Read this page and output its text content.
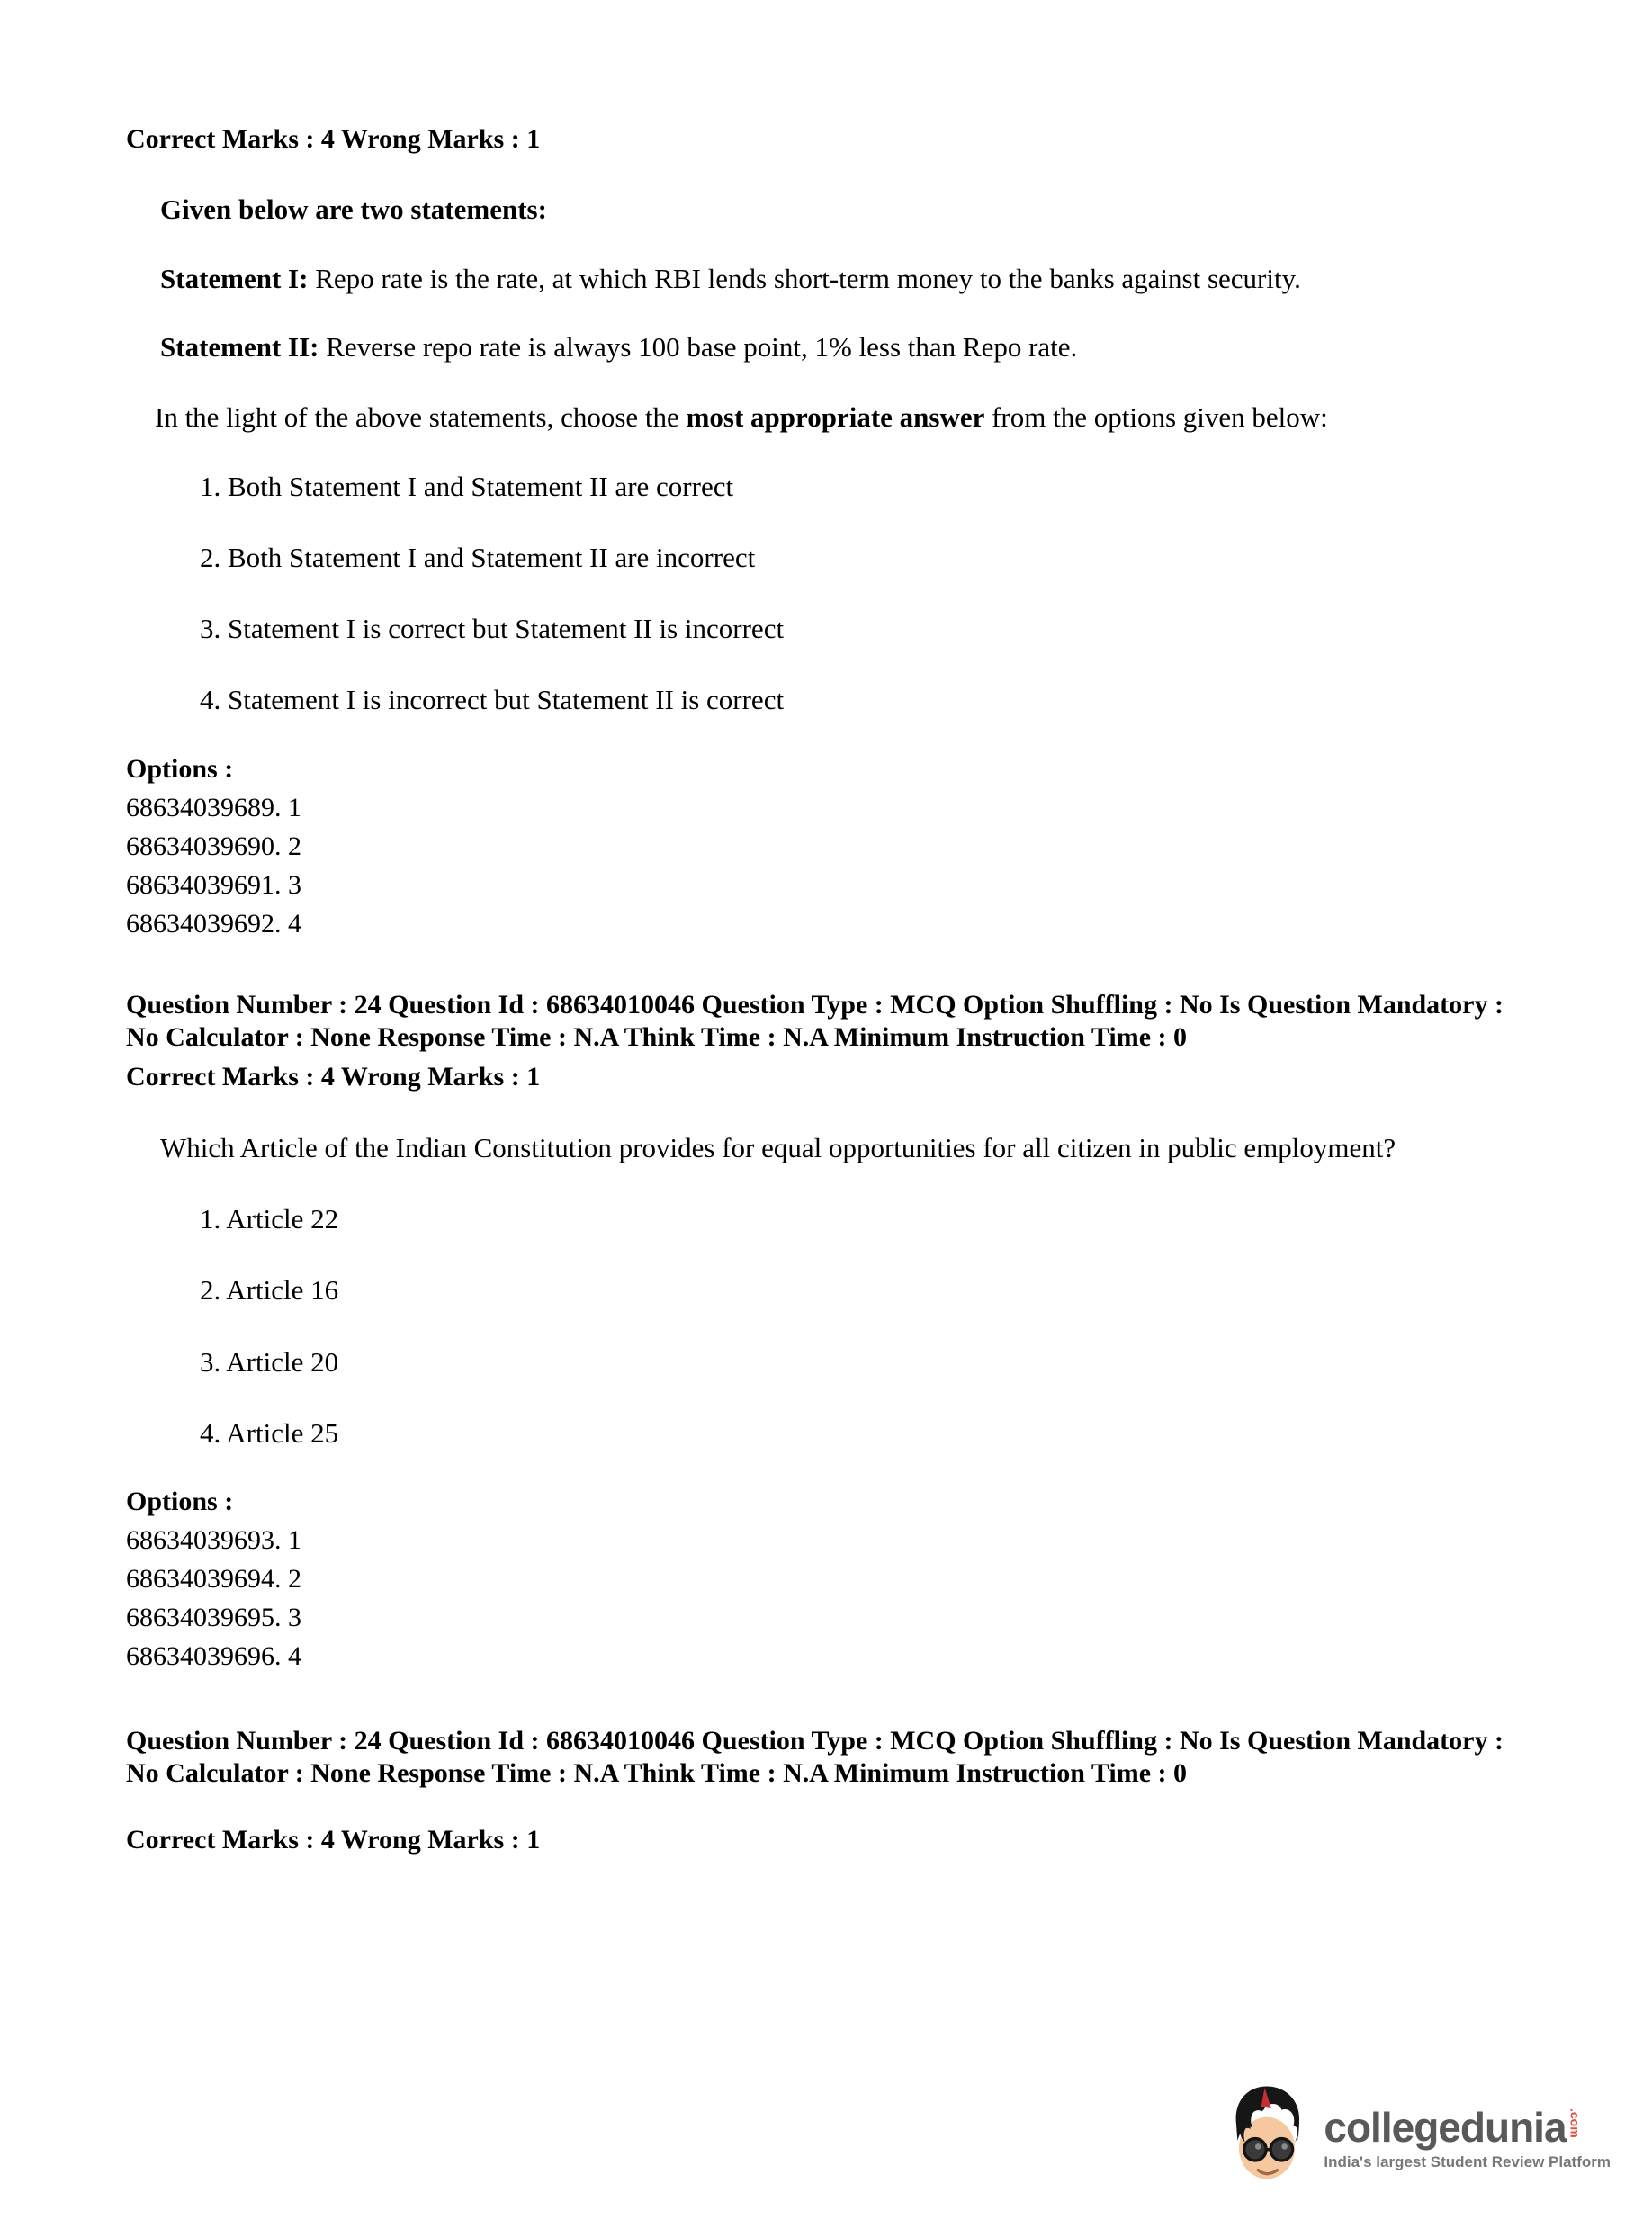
Correct Marks : 4 Wrong Marks : 1
Given below are two statements:
Statement I: Repo rate is the rate, at which RBI lends short-term money to the banks against security.
Statement II: Reverse repo rate is always 100 base point, 1% less than Repo rate.
In the light of the above statements, choose the most appropriate answer from the options given below:
1. Both Statement I and Statement II are correct
2. Both Statement I and Statement II are incorrect
3. Statement I is correct but Statement II is incorrect
4. Statement I is incorrect but Statement II is correct
Options :
68634039689. 1
68634039690. 2
68634039691. 3
68634039692. 4
Question Number : 24 Question Id : 68634010046 Question Type : MCQ Option Shuffling : No Is Question Mandatory :
No Calculator : None Response Time : N.A Think Time : N.A Minimum Instruction Time : 0
Correct Marks : 4 Wrong Marks : 1
Which Article of the Indian Constitution provides for equal opportunities for all citizen in public employment?
1. Article 22
2. Article 16
3. Article 20
4. Article 25
Options :
68634039693. 1
68634039694. 2
68634039695. 3
68634039696. 4
Question Number : 24 Question Id : 68634010046 Question Type : MCQ Option Shuffling : No Is Question Mandatory :
No Calculator : None Response Time : N.A Think Time : N.A Minimum Instruction Time : 0
Correct Marks : 4 Wrong Marks : 1
collegedunia .com
India's largest Student Review Platform
